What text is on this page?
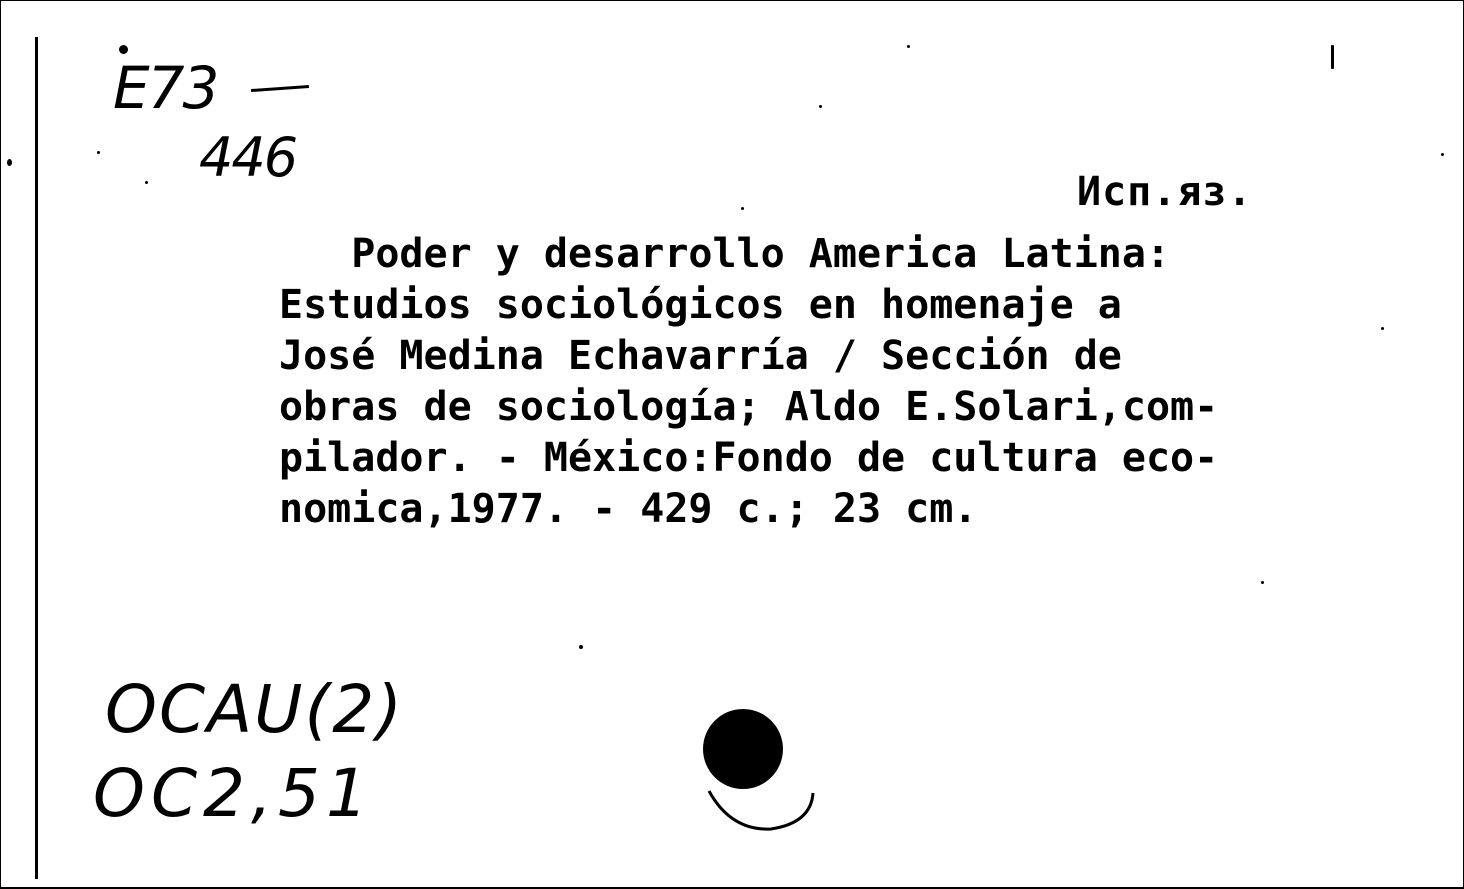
E73
446
Исп.яз.
Poder y desarrollo America Latina:
Estudios sociológicos en homenaje a
José Medina Echavarría / Sección de
obras de sociología; Aldo E.Solari,com-
pilador. - México:Fondo de cultura eco-
nomica,1977. - 429 c.; 23 cm.
OCAU(2)
OC2,51
